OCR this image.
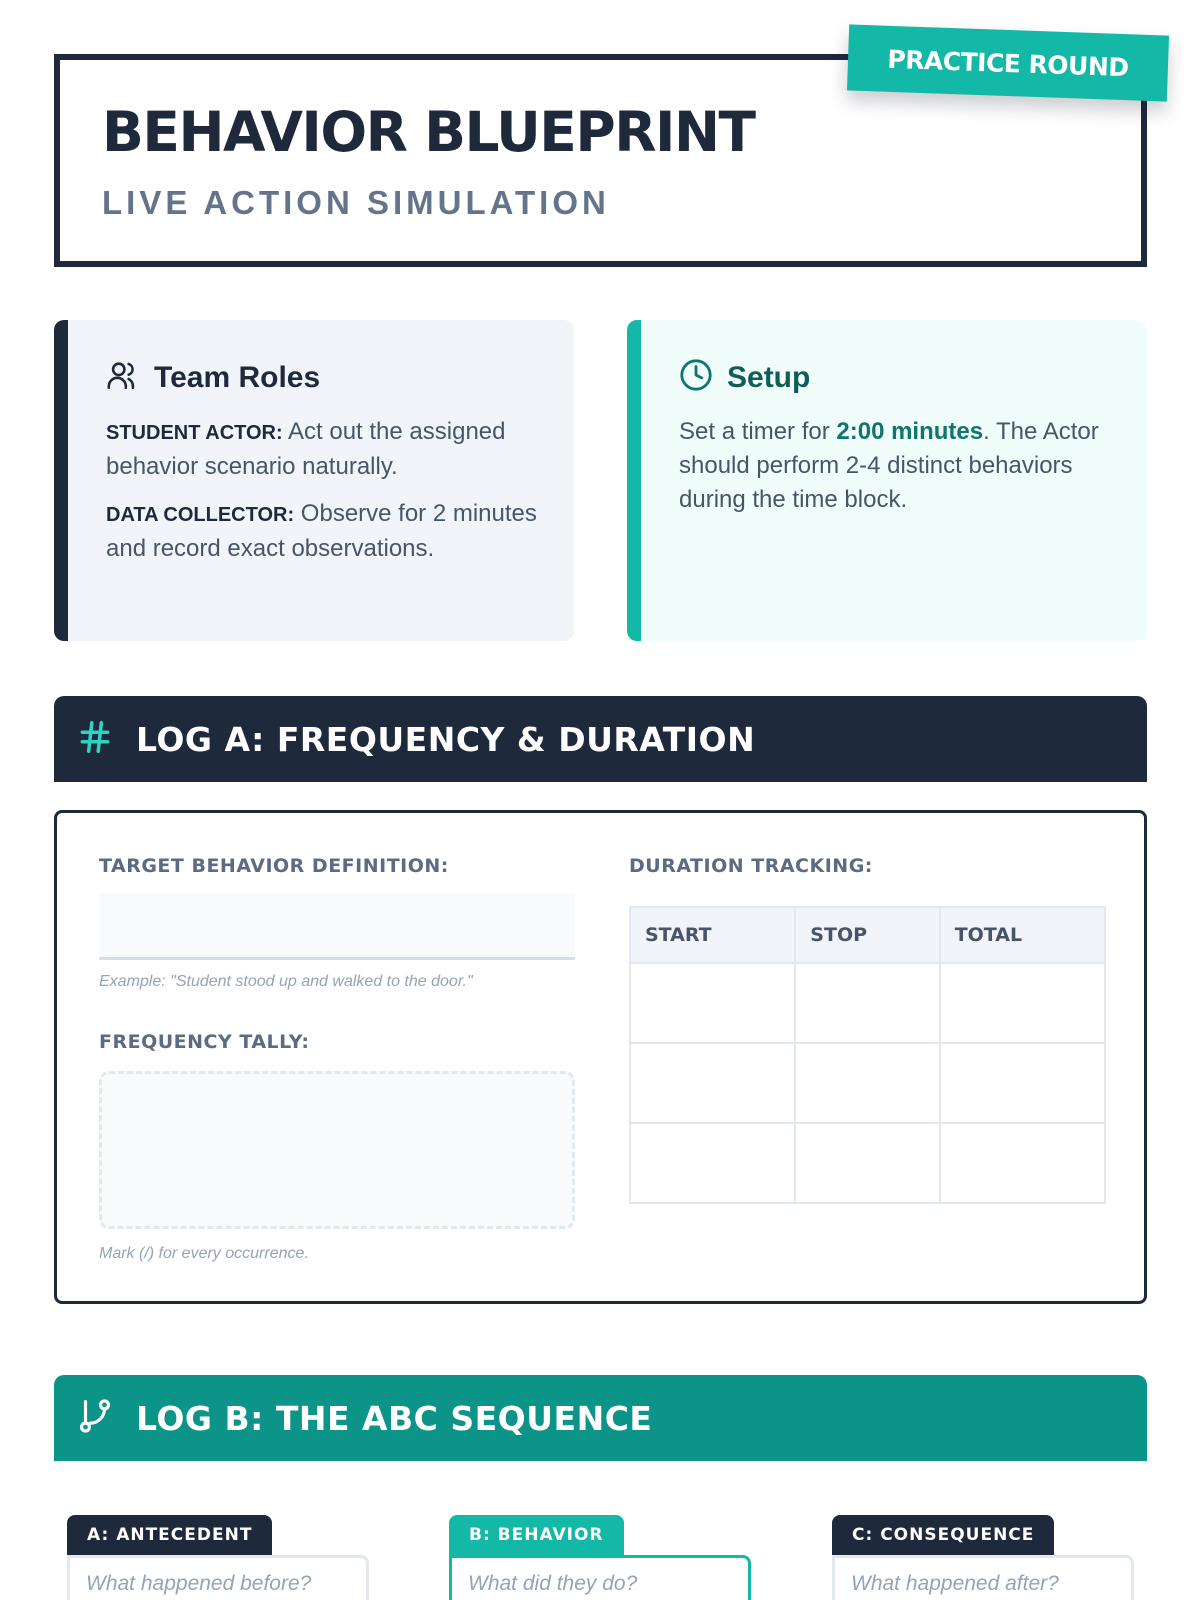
BEHAVIOR BLUEPRINT
LIVE ACTION SIMULATION
PRACTICE ROUND
Team Roles

STUDENT ACTOR: Act out the assigned behavior scenario naturally.

DATA COLLECTOR: Observe for 2 minutes and record exact observations.

Setup

Set a timer for 2:00 minutes. The Actor should perform 2-4 distinct behaviors during the time block.

LOG A: FREQUENCY & DURATION
TARGET BEHAVIOR DEFINITION:
Example: "Student stood up and walked to the door."
FREQUENCY TALLY:
Mark (/) for every occurrence.
DURATION TRACKING:
START	STOP	TOTAL

LOG B: THE ABC SEQUENCE
A: ANTECEDENT
What happened before?
B: BEHAVIOR
What did they do?
C: CONSEQUENCE
What happened after?
